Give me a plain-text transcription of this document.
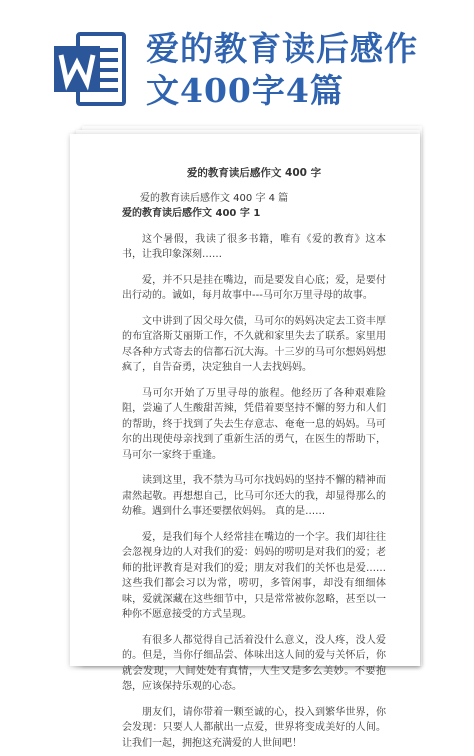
爱的教育读后感作
文400字4篇
爱的教育读后感作文 400 字
爱的教育读后感作文 400 字 4 篇
爱的教育读后感作文 400 字 1

这个暑假，我读了很多书籍，唯有《爱的教育》这本书，让我印象深刻……

爱，并不只是挂在嘴边，而是要发自心底；爱，是要付出行动的。诚如，每月故事中---马可尔万里寻母的故事。

文中讲到了因父母欠债，马可尔的妈妈决定去工资丰厚的布宜洛斯艾丽斯工作，不久就和家里失去了联系。家里用尽各种方式寄去的信都石沉大海。十三岁的马可尔想妈妈想疯了，自告奋勇，决定独自一人去找妈妈。

马可尔开始了万里寻母的旅程。他经历了各种艰难险阻，尝遍了人生酸甜苦辣，凭借着要坚持不懈的努力和人们的帮助，终于找到了失去生存意志、奄奄一息的妈妈。马可尔的出现使母亲找到了重新生活的勇气，在医生的帮助下，马可尔一家终于重逢。

读到这里，我不禁为马可尔找妈妈的坚持不懈的精神而肃然起敬。再想想自己，比马可尔还大的我，却显得那么的幼稚。遇到什么事还要摆依妈妈。 真的是……

爱，是我们每个人经常挂在嘴边的一个字。我们却往往会忽视身边的人对我们的爱：妈妈的唠叨是对我们的爱；老师的批评教育是对我们的爱；朋友对我们的关怀也是爱……这些我们都会习以为常，唠叨，多管闲事，却没有细细体味，爱就深藏在这些细节中，只是常常被你忽略，甚至以一种你不愿意接受的方式呈现。

有很多人都觉得自己活着没什么意义，没人疼，没人爱的。但是，当你仔细品尝、体味出这人间的爱与关怀后，你就会发现，人间处处有真情，人生又是多么美妙。不要抱怨，应该保持乐观的心态。

朋友们，请你带着一颗至诚的心，投入到繁华世界，你会发现：只要人人都献出一点爱，世界将变成美好的人间。让我们一起，拥抱这充满爱的人世间吧！
